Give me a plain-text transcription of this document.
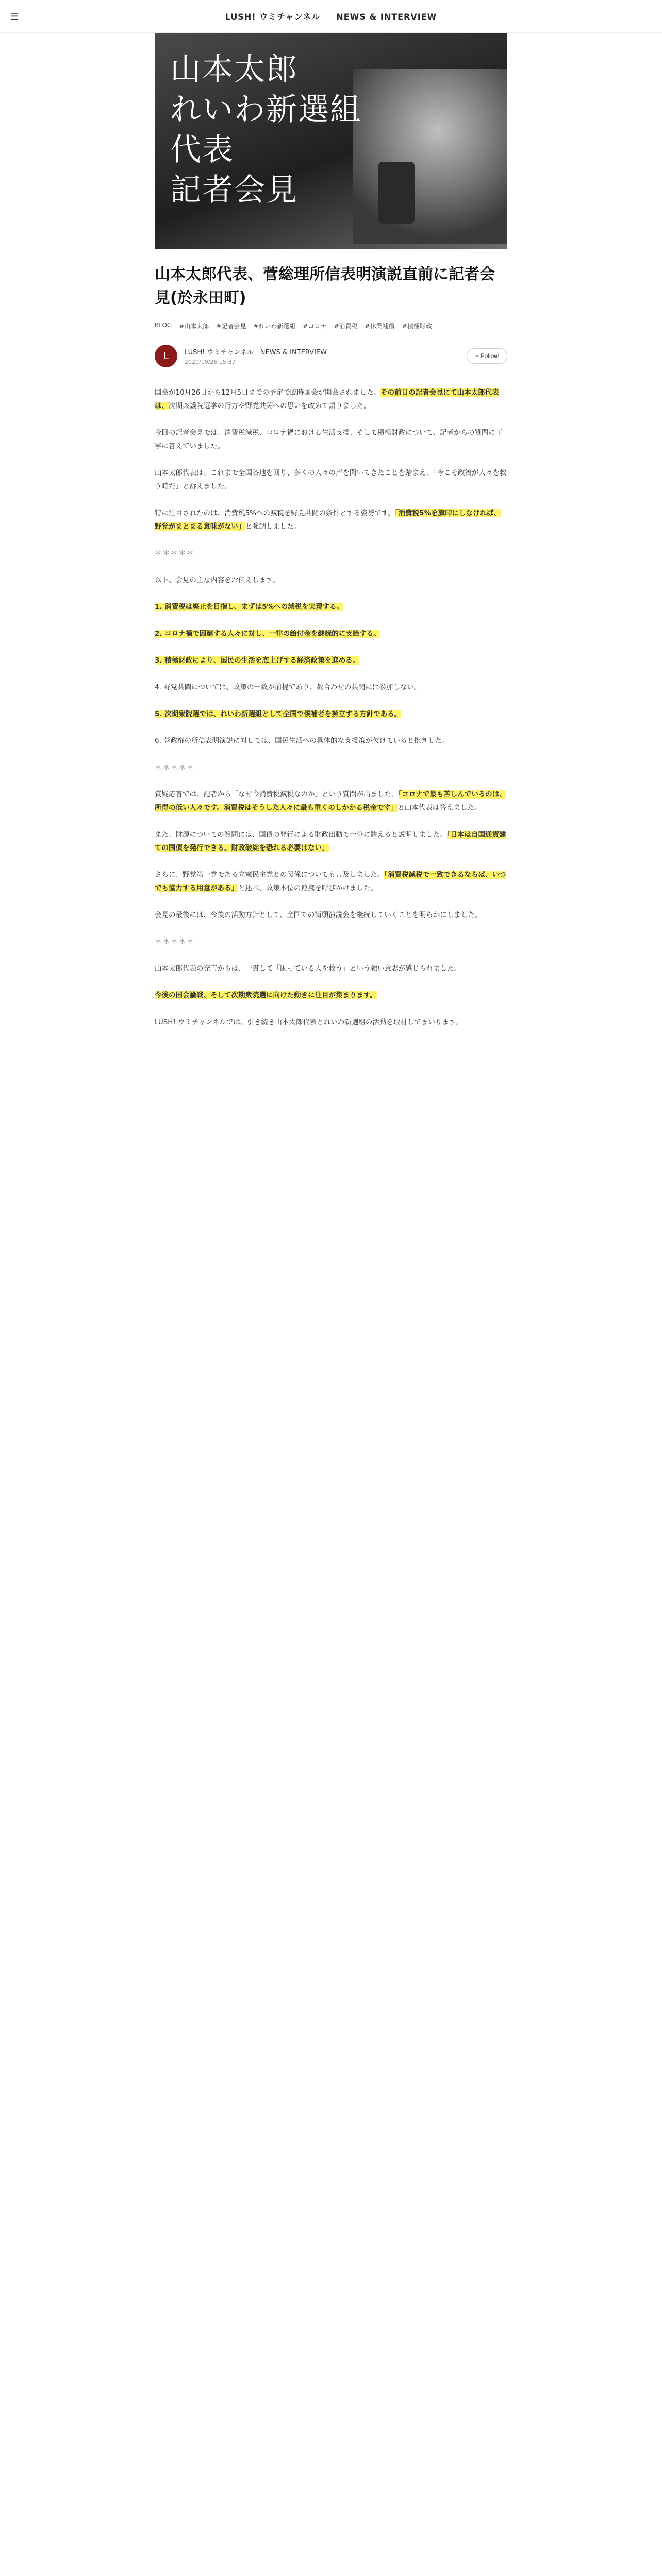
☰	LUSH! ウミチャンネル NEWS & INTERVIEW
山本太郎
れいわ新選組
代表
記者会見
山本太郎代表、菅総理所信表明演説直前に記者会見(於永田町)
BLOG #山本太郎 #記者会見 #れいわ新選組 #コロナ #消費税 #休業補償 #積極財政
L	LUSH! ウミチャンネル　NEWS & INTERVIEW
2020/10/26 15:37
+ Follow

国会が10月26日から12月5日までの予定で臨時国会が開会されました。その前日の記者会見にて山本太郎代表は、次期衆議院選挙の行方や野党共闘への思いを改めて語りました。

今回の記者会見では、消費税減税、コロナ禍における生活支援、そして積極財政について、記者からの質問に丁寧に答えていました。

山本太郎代表は、これまで全国各地を回り、多くの人々の声を聞いてきたことを踏まえ、「今こそ政治が人々を救う時だ」と訴えました。

特に注目されたのは、消費税5%への減税を野党共闘の条件とする姿勢です。「消費税5%を旗印にしなければ、野党がまとまる意味がない」と強調しました。

＊＊＊＊＊

以下、会見の主な内容をお伝えします。

1. 消費税は廃止を目指し、まずは5%への減税を実現する。

2. コロナ禍で困窮する人々に対し、一律の給付金を継続的に支給する。

3. 積極財政により、国民の生活を底上げする経済政策を進める。

4. 野党共闘については、政策の一致が前提であり、数合わせの共闘には参加しない。

5. 次期衆院選では、れいわ新選組として全国で候補者を擁立する方針である。

6. 菅政権の所信表明演説に対しては、国民生活への具体的な支援策が欠けていると批判した。

＊＊＊＊＊

質疑応答では、記者から「なぜ今消費税減税なのか」という質問が出ました。「コロナで最も苦しんでいるのは、所得の低い人々です。消費税はそうした人々に最も重くのしかかる税金です」と山本代表は答えました。

また、財源についての質問には、国債の発行による財政出動で十分に賄えると説明しました。「日本は自国通貨建ての国債を発行できる。財政破綻を恐れる必要はない」

さらに、野党第一党である立憲民主党との関係についても言及しました。「消費税減税で一致できるならば、いつでも協力する用意がある」と述べ、政策本位の連携を呼びかけました。

会見の最後には、今後の活動方針として、全国での街頭演説会を継続していくことを明らかにしました。

＊＊＊＊＊

山本太郎代表の発言からは、一貫して「困っている人を救う」という強い意志が感じられました。

今後の国会論戦、そして次期衆院選に向けた動きに注目が集まります。

LUSH! ウミチャンネルでは、引き続き山本太郎代表とれいわ新選組の活動を取材してまいります。
